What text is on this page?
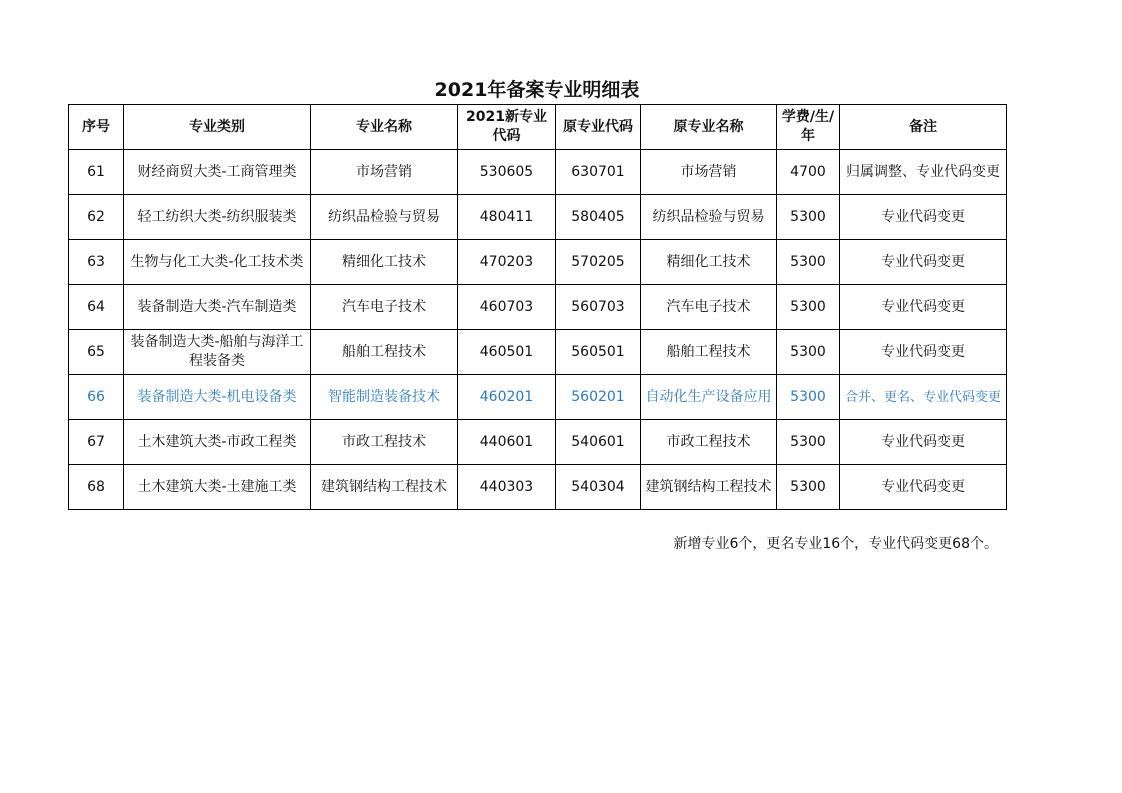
2021年备案专业明细表
序号	专业类别	专业名称	2021新专业代码	原专业代码	原专业名称	学费/生/年	备注
61	财经商贸大类-工商管理类	市场营销	530605	630701	市场营销	4700	归属调整、专业代码变更
62	轻工纺织大类-纺织服装类	纺织品检验与贸易	480411	580405	纺织品检验与贸易	5300	专业代码变更
63	生物与化工大类-化工技术类	精细化工技术	470203	570205	精细化工技术	5300	专业代码变更
64	装备制造大类-汽车制造类	汽车电子技术	460703	560703	汽车电子技术	5300	专业代码变更
65	装备制造大类-船舶与海洋工程装备类	船舶工程技术	460501	560501	船舶工程技术	5300	专业代码变更
66	装备制造大类-机电设备类	智能制造装备技术	460201	560201	自动化生产设备应用	5300	合并、更名、专业代码变更
67	土木建筑大类-市政工程类	市政工程技术	440601	540601	市政工程技术	5300	专业代码变更
68	土木建筑大类-土建施工类	建筑钢结构工程技术	440303	540304	建筑钢结构工程技术	5300	专业代码变更
新增专业6个，更名专业16个，专业代码变更68个。
